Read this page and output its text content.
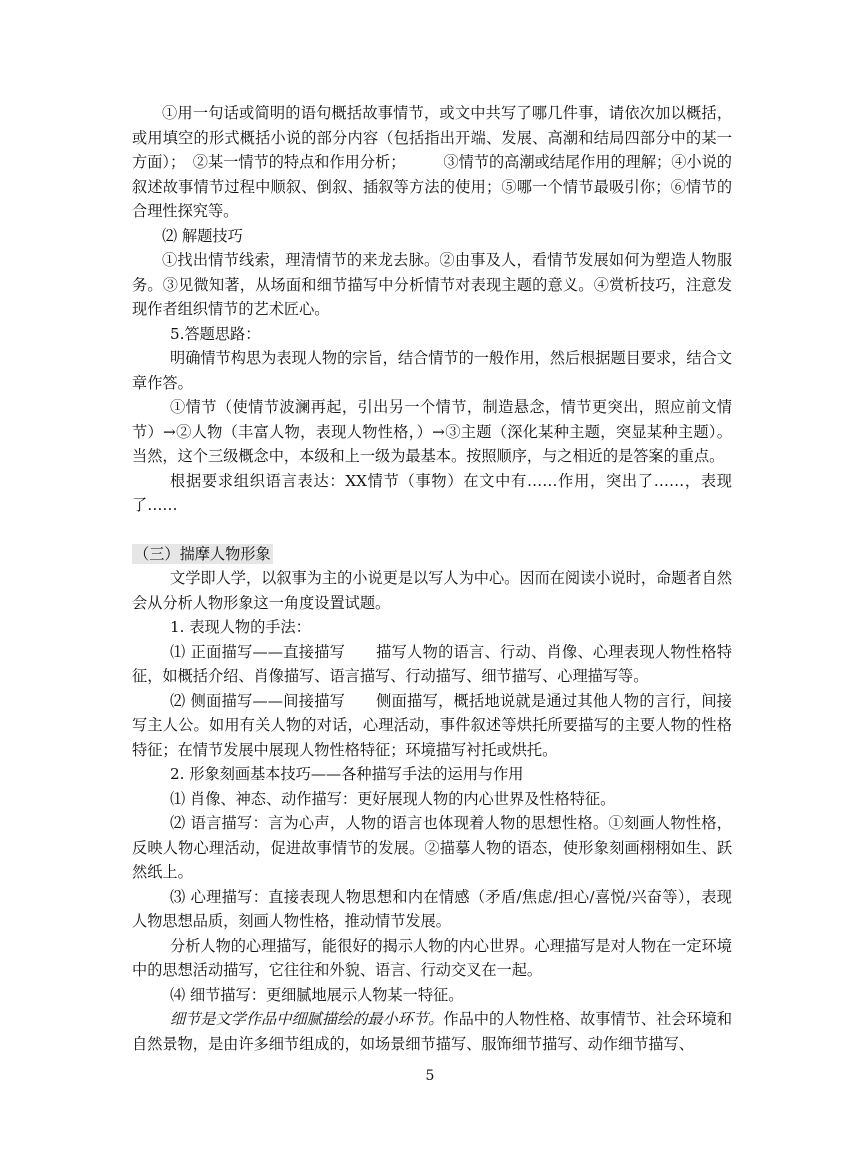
①用一句话或简明的语句概括故事情节，或文中共写了哪几件事，请依次加以概括，或用填空的形式概括小说的部分内容（包括指出开端、发展、高潮和结局四部分中的某一方面）；　②某一情节的特点和作用分析；　　　③情节的高潮或结尾作用的理解；④小说的叙述故事情节过程中顺叙、倒叙、插叙等方法的使用；⑤哪一个情节最吸引你；⑥情节的合理性探究等。

⑵ 解题技巧

①找出情节线索，理清情节的来龙去脉。②由事及人，看情节发展如何为塑造人物服务。③见微知著，从场面和细节描写中分析情节对表现主题的意义。④赏析技巧，注意发现作者组织情节的艺术匠心。

5.答题思路：

明确情节构思为表现人物的宗旨，结合情节的一般作用，然后根据题目要求，结合文章作答。

①情节（使情节波澜再起，引出另一个情节，制造悬念，情节更突出，照应前文情节）→②人物（丰富人物，表现人物性格，）→③主题（深化某种主题，突显某种主题）。当然，这个三级概念中，本级和上一级为最基本。按照顺序，与之相近的是答案的重点。

根据要求组织语言表达：XX情节（事物）在文中有……作用，突出了……，表现了……

（三）揣摩人物形象

文学即人学，以叙事为主的小说更是以写人为中心。因而在阅读小说时，命题者自然会从分析人物形象这一角度设置试题。

1. 表现人物的手法：

⑴ 正面描写——直接描写　　描写人物的语言、行动、肖像、心理表现人物性格特征，如概括介绍、肖像描写、语言描写、行动描写、细节描写、心理描写等。

⑵ 侧面描写——间接描写　　侧面描写，概括地说就是通过其他人物的言行，间接写主人公。如用有关人物的对话，心理活动，事件叙述等烘托所要描写的主要人物的性格特征；在情节发展中展现人物性格特征；环境描写衬托或烘托。

2. 形象刻画基本技巧——各种描写手法的运用与作用

⑴ 肖像、神态、动作描写：更好展现人物的内心世界及性格特征。

⑵ 语言描写：言为心声，人物的语言也体现着人物的思想性格。①刻画人物性格，反映人物心理活动，促进故事情节的发展。②描摹人物的语态，使形象刻画栩栩如生、跃然纸上。

⑶ 心理描写：直接表现人物思想和内在情感（矛盾/焦虑/担心/喜悦/兴奋等），表现人物思想品质，刻画人物性格，推动情节发展。

分析人物的心理描写，能很好的揭示人物的内心世界。心理描写是对人物在一定环境中的思想活动描写，它往往和外貌、语言、行动交叉在一起。

⑷ 细节描写：更细腻地展示人物某一特征。

细节是文学作品中细腻描绘的最小环节。作品中的人物性格、故事情节、社会环境和自然景物，是由许多细节组成的，如场景细节描写、服饰细节描写、动作细节描写、

5
